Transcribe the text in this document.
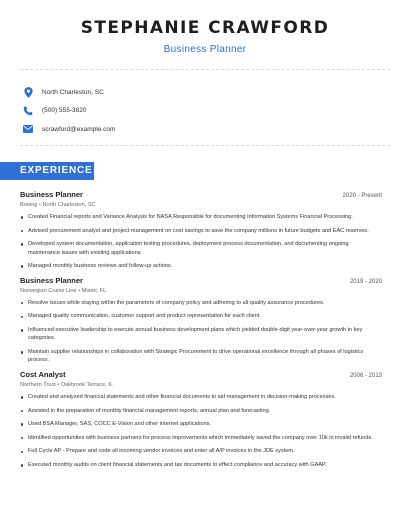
STEPHANIE CRAWFORD
Business Planner
North Charleston, SC
(500) 555-3820
scrawford@example.com
EXPERIENCE
Business Planner	2020 - Present
Boeing • North Charleston, SC
Created Financial reports and Variance Analysis for NASA Responsible for documenting Information Systems Financial Processing.
Advised procurement analyst and project management on cost savings to save the company millions in future budgets and EAC reserves.
Developed system documentation, application testing procedures, deployment process documentation, and documenting ongoing maintenance issues with existing applications.
Managed monthly business reviews and follow-up actions.
Business Planner	2019 - 2020
Norwegian Cruise Line • Miami, FL
Resolve issues while staying within the parameters of company policy and adhering to all quality assurance procedures.
Managed quality communication, customer support and product representation for each client.
Influenced executive leadership to execute annual business development plans which yielded double-digit year-over-year growth in key categories.
Maintain supplier relationships in collaboration with Strategic Procurement to drive operational excellence through all phases of logistics process.
Cost Analyst	2006 - 2013
Northern Trust • Oakbrook Terrace, IL
Created and analyzed financial statements and other financial documents to aid management in decision-making processes.
Assisted in the preparation of monthly financial management reports, annual plan and forecasting.
Used BSA Manager, SAS, COCC E-Vision and other internet applications.
Identified opportunities with business partners for process improvements which immediately saved the company over 10k in invalid refunds.
Full Cycle AP - Prepare and code all incoming vendor invoices and enter all A/P invoices in the JDE system.
Executed monthly audits on client financial statements and tax documents to effect compliance and accuracy with GAAP.
